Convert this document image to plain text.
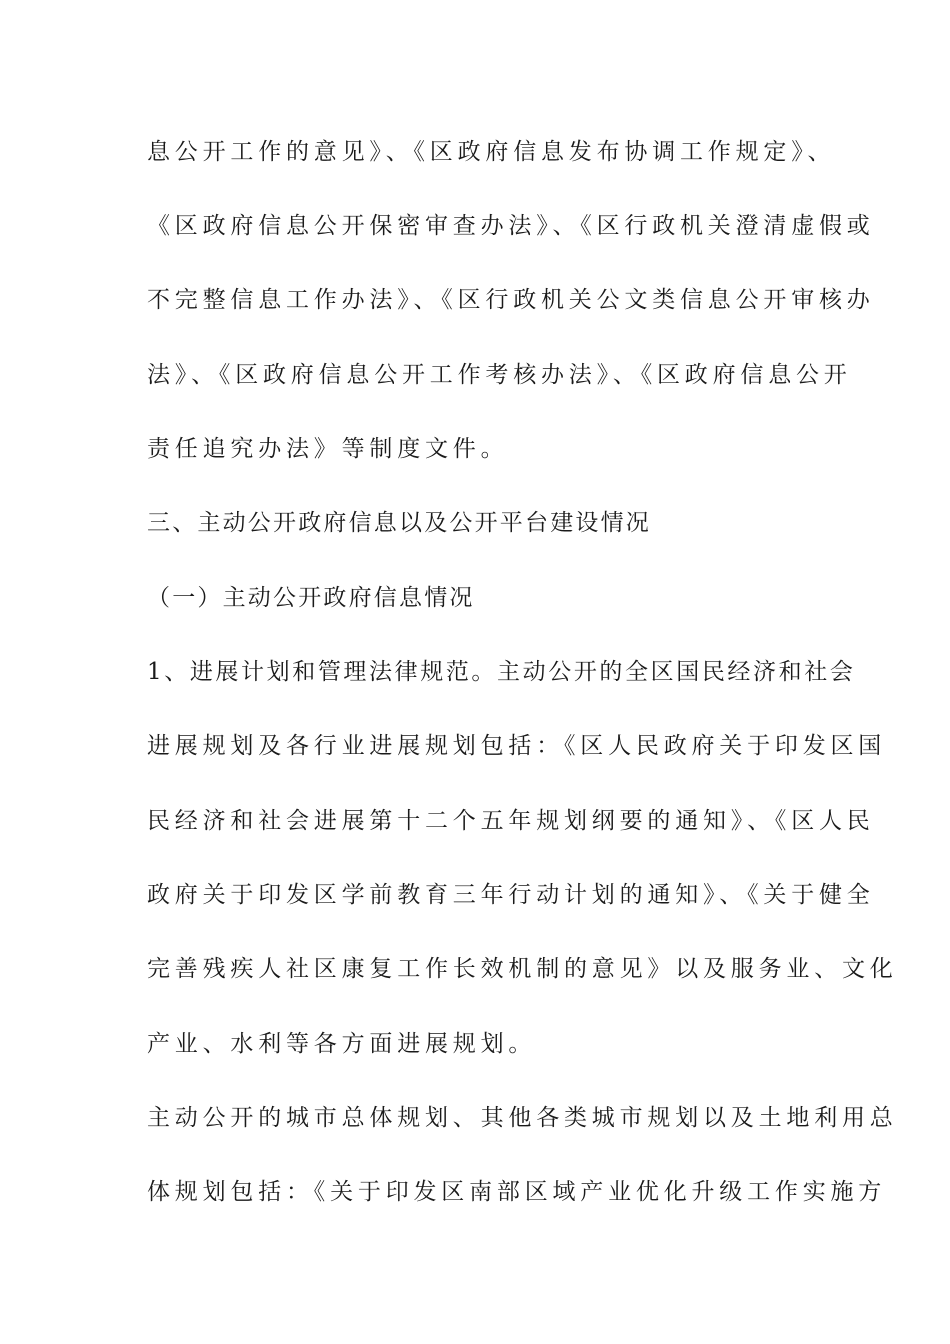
息公开工作的意见》、《区政府信息发布协调工作规定》、
《区政府信息公开保密审查办法》、《区行政机关澄清虚假或
不完整信息工作办法》、《区行政机关公文类信息公开审核办
法》、《区政府信息公开工作考核办法》、《区政府信息公开
责任追究办法》等制度文件。
三、主动公开政府信息以及公开平台建设情况
（一）主动公开政府信息情况
1、进展计划和管理法律规范。主动公开的全区国民经济和社会
进展规划及各行业进展规划包括：《区人民政府关于印发区国
民经济和社会进展第十二个五年规划纲要的通知》、《区人民
政府关于印发区学前教育三年行动计划的通知》、《关于健全
完善残疾人社区康复工作长效机制的意见》以及服务业、文化
产业、水利等各方面进展规划。
主动公开的城市总体规划、其他各类城市规划以及土地利用总
体规划包括：《关于印发区南部区域产业优化升级工作实施方
